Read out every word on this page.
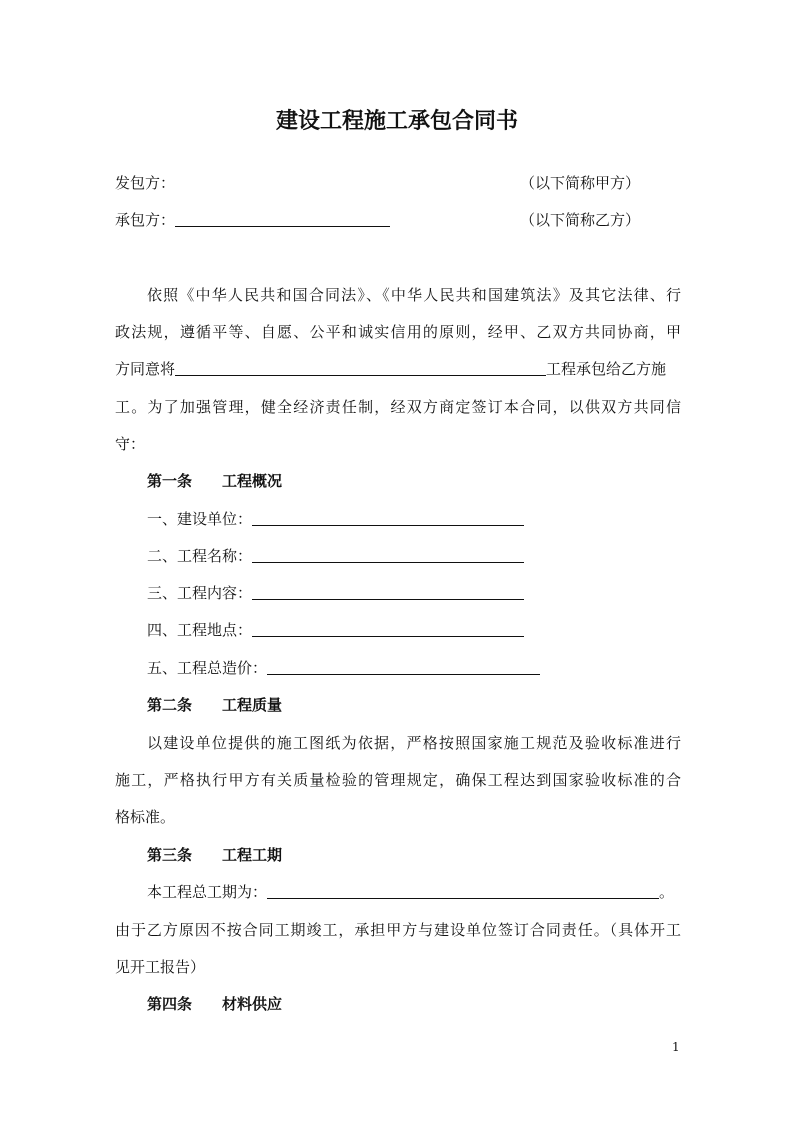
建设工程施工承包合同书
发包方：	（以下简称甲方）
承包方：	（以下简称乙方）
依照《中华人民共和国合同法》、《中华人民共和国建筑法》及其它法律、行
政法规，遵循平等、自愿、公平和诚实信用的原则，经甲、乙双方共同协商，甲
方同意将	工程承包给乙方施
工。为了加强管理，健全经济责任制，经双方商定签订本合同，以供双方共同信
守：
第一条 工程概况
一、建设单位：
二、工程名称：
三、工程内容：
四、工程地点：
五、工程总造价：
第二条 工程质量
以建设单位提供的施工图纸为依据，严格按照国家施工规范及验收标准进行
施工，严格执行甲方有关质量检验的管理规定，确保工程达到国家验收标准的合
格标准。
第三条 工程工期
本工程总工期为：	。
由于乙方原因不按合同工期竣工，承担甲方与建设单位签订合同责任。（具体开工
见开工报告）
第四条 材料供应
1
